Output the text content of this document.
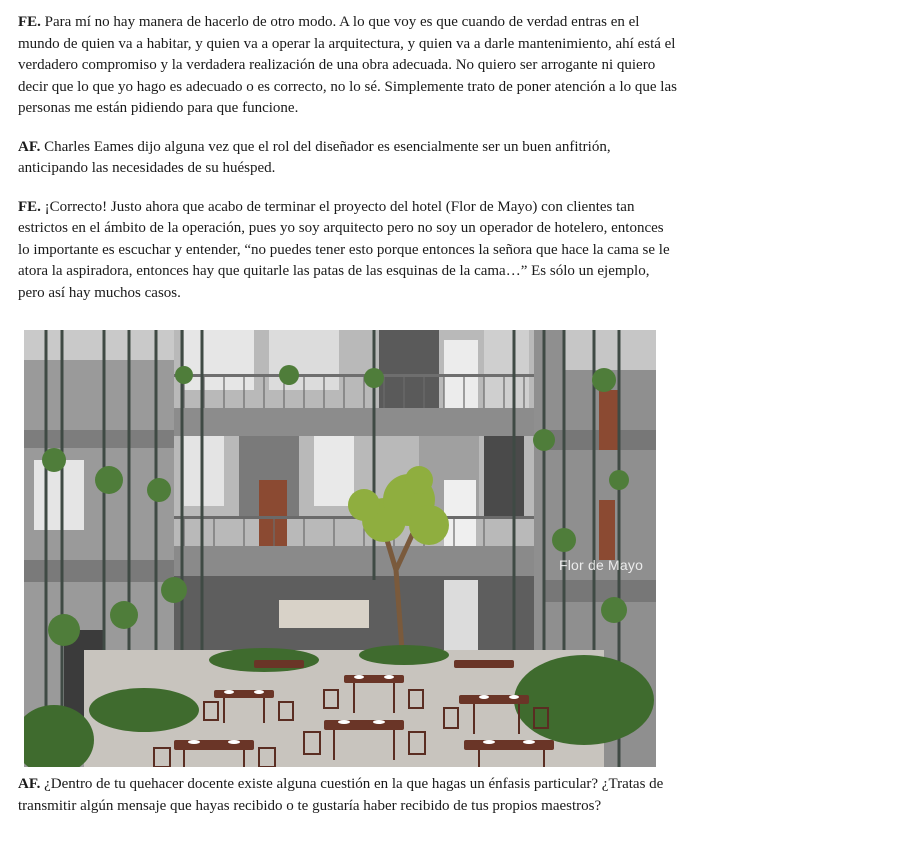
FE. Para mí no hay manera de hacerlo de otro modo. A lo que voy es que cuando de verdad entras en el mundo de quien va a habitar, y quien va a operar la arquitectura, y quien va a darle mantenimiento, ahí está el verdadero compromiso y la verdadera realización de una obra adecuada. No quiero ser arrogante ni quiero decir que lo que yo hago es adecuado o es correcto, no lo sé. Simplemente trato de poner atención a lo que las personas me están pidiendo para que funcione.

AF. Charles Eames dijo alguna vez que el rol del diseñador es esencialmente ser un buen anfitrión, anticipando las necesidades de su huésped.

FE. ¡Correcto! Justo ahora que acabo de terminar el proyecto del hotel (Flor de Mayo) con clientes tan estrictos en el ámbito de la operación, pues yo soy arquitecto pero no soy un operador de hotelero, entonces lo importante es escuchar y entender, “no puedes tener esto porque entonces la señora que hace la cama se le atora la aspiradora, entonces hay que quitarle las patas de las esquinas de la cama…” Es sólo un ejemplo, pero así hay muchos casos.

Flor de Mayo

AF. ¿Dentro de tu quehacer docente existe alguna cuestión en la que hagas un énfasis particular? ¿Tratas de transmitir algún mensaje que hayas recibido o te gustaría haber recibido de tus propios maestros?
